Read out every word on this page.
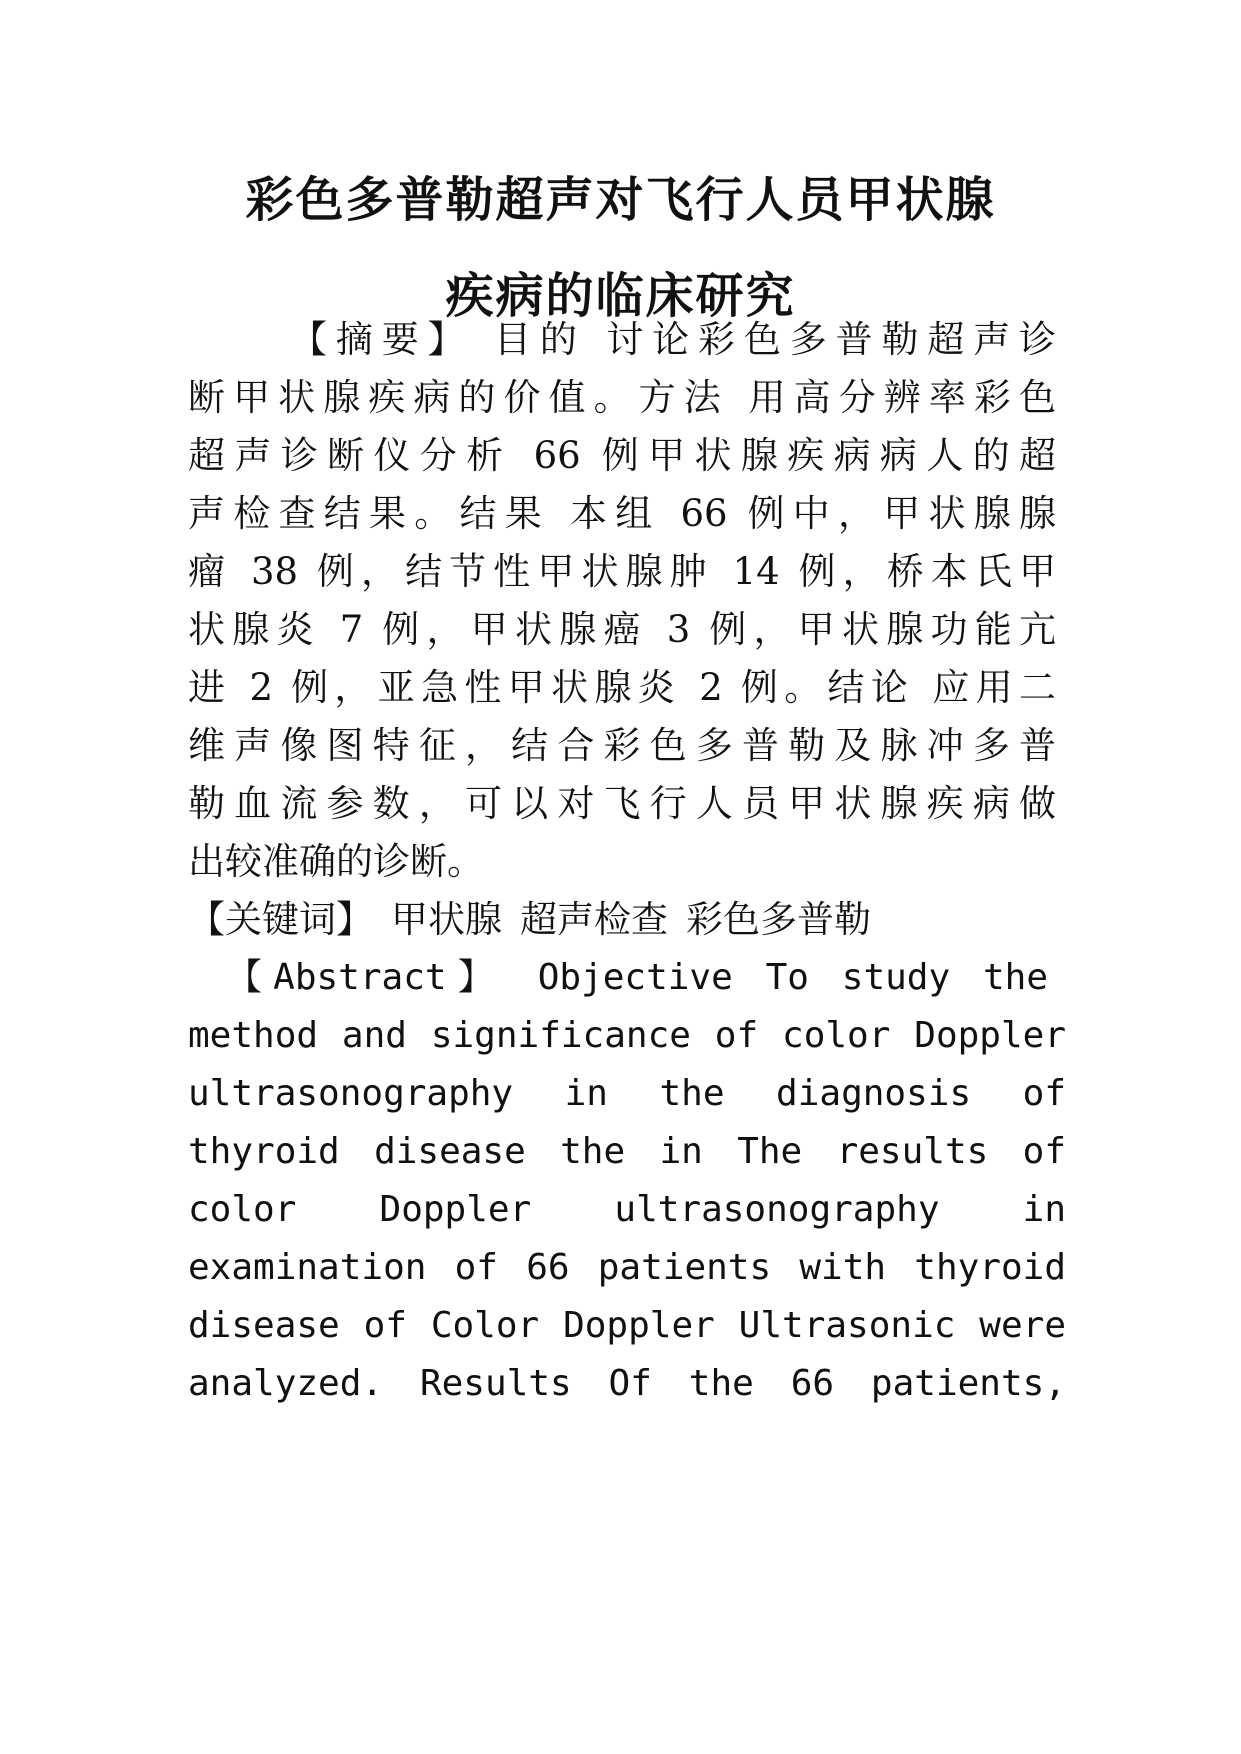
彩色多普勒超声对飞行人员甲状腺
疾病的临床研究
【摘要】 目的 讨论彩色多普勒超声诊
断甲状腺疾病的价值。方法 用高分辨率彩色
超声诊断仪分析 66 例甲状腺疾病病人的超
声检查结果。结果 本组 66 例中，甲状腺腺
瘤 38 例，结节性甲状腺肿 14 例，桥本氏甲
状腺炎 7 例，甲状腺癌 3 例，甲状腺功能亢
进 2 例，亚急性甲状腺炎 2 例。结论 应用二
维声像图特征，结合彩色多普勒及脉冲多普
勒血流参数，可以对飞行人员甲状腺疾病做
出较准确的诊断。
【关键词】 甲状腺 超声检查 彩色多普勒
【Abstract】 Objective To study the
method and significance of color Doppler
ultrasonography in the diagnosis of
thyroid disease the in The results of
color Doppler ultrasonography in
examination of 66 patients with thyroid
disease of Color Doppler Ultrasonic were
analyzed. Results Of the 66 patients,
